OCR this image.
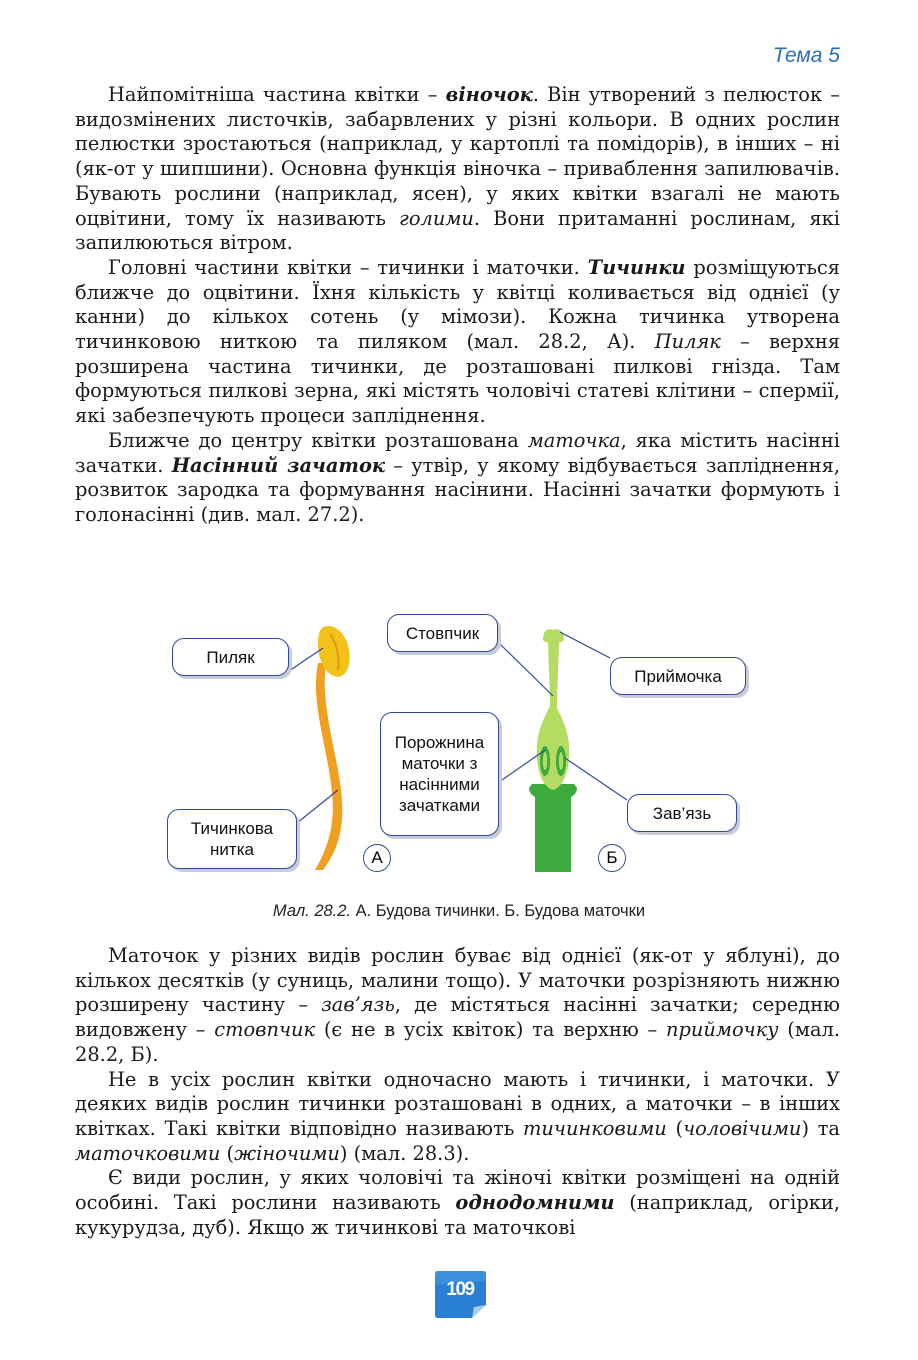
Тема 5

Найпомітніша частина квітки – віночок. Він утворений з пелюсток – видозмінених листочків, забарвлених у різні кольори. В одних рослин пелюстки зростаються (наприклад, у картоплі та помідорів), в інших – ні (як-от у шипшини). Основна функція віночка – приваблення запилювачів. Бувають рослини (наприклад, ясен), у яких квітки взагалі не мають оцвітини, тому їх називають голими. Вони притаманні рослинам, які запилюються вітром.

Головні частини квітки – тичинки і маточки. Тичинки розміщуються ближче до оцвітини. Їхня кількість у квітці коливається від однієї (у канни) до кількох сотень (у мімози). Кожна тичинка утворена тичинковою ниткою та пиляком (мал. 28.2, А). Пиляк – верхня розширена частина тичинки, де розташовані пилкові гнізда. Там формуються пилкові зерна, які містять чоловічі статеві клітини – спермії, які забезпечують процеси запліднення.

Ближче до центру квітки розташована маточка, яка містить насінні зачатки. Насінний зачаток – утвір, у якому відбувається запліднення, розвиток зародка та формування насінини. Насінні зачатки формують і голонасінні (див. мал. 27.2).

Пиляк
Тичинкова нитка
Стовпчик
Приймочка
Порожнина маточки з насінними зачатками	Зав’язь
А	Б
Мал. 28.2. А. Будова тичинки. Б. Будова маточки

Маточок у різних видів рослин буває від однієї (як-от у яблуні), до кількох десятків (у суниць, малини тощо). У маточки розрізняють нижню розширену частину – зав’язь, де містяться насінні зачатки; середню видовжену – стовпчик (є не в усіх квіток) та верхню – приймочку (мал. 28.2, Б).

Не в усіх рослин квітки одночасно мають і тичинки, і маточки. У деяких видів рослин тичинки розташовані в одних, а маточки – в інших квітках. Такі квітки відповідно називають тичинковими (чоловічими) та маточковими (жіночими) (мал. 28.3).

Є види рослин, у яких чоловічі та жіночі квітки розміщені на одній особині. Такі рослини називають однодомними (наприклад, огірки, кукурудза, дуб). Якщо ж тичинкові та маточкові

109
